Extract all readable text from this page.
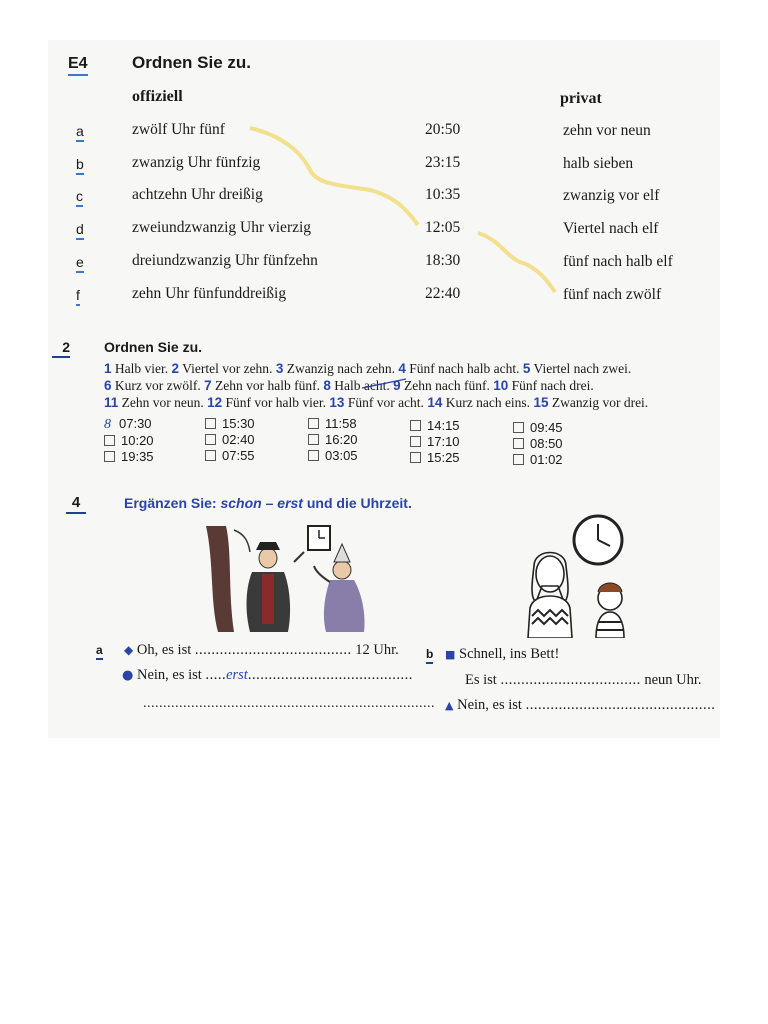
E4	Ordnen Sie zu.
offiziell	privat
a	zwölf Uhr fünf	20:50	zehn vor neun
b	zwanzig Uhr fünfzig	23:15	halb sieben
c	achtzehn Uhr dreißig	10:35	zwanzig vor elf
d	zweiundzwanzig Uhr vierzig	12:05	Viertel nach elf
e	dreiundzwanzig Uhr fünfzehn	18:30	fünf nach halb elf
f	zehn Uhr fünfunddreißig	22:40	fünf nach zwölf
2 Ordnen Sie zu.
1 Halb vier. 2 Viertel vor zehn. 3 Zwanzig nach zehn. 4 Fünf nach halb acht. 5 Viertel nach zwei.
6 Kurz vor zwölf. 7 Zehn vor halb fünf. 8 Halb acht. 9 Zehn nach fünf. 10 Fünf nach drei.
11 Zehn vor neun. 12 Fünf vor halb vier. 13 Fünf vor acht. 14 Kurz nach eins. 15 Zwanzig vor drei.
8 07:30
10:20
19:35
15:30
02:40
07:55
11:58
16:20
03:05
14:15
17:10
15:25
09:45
08:50
01:02
4	Ergänzen Sie: schon – erst und die Uhrzeit.
a ◆ Oh, es ist ...................................... 12 Uhr.
● Nein, es ist .....erst........................................
.........................................................................
b ■ Schnell, ins Bett!
Es ist .................................. neun Uhr.
▲ Nein, es ist ..............................................
